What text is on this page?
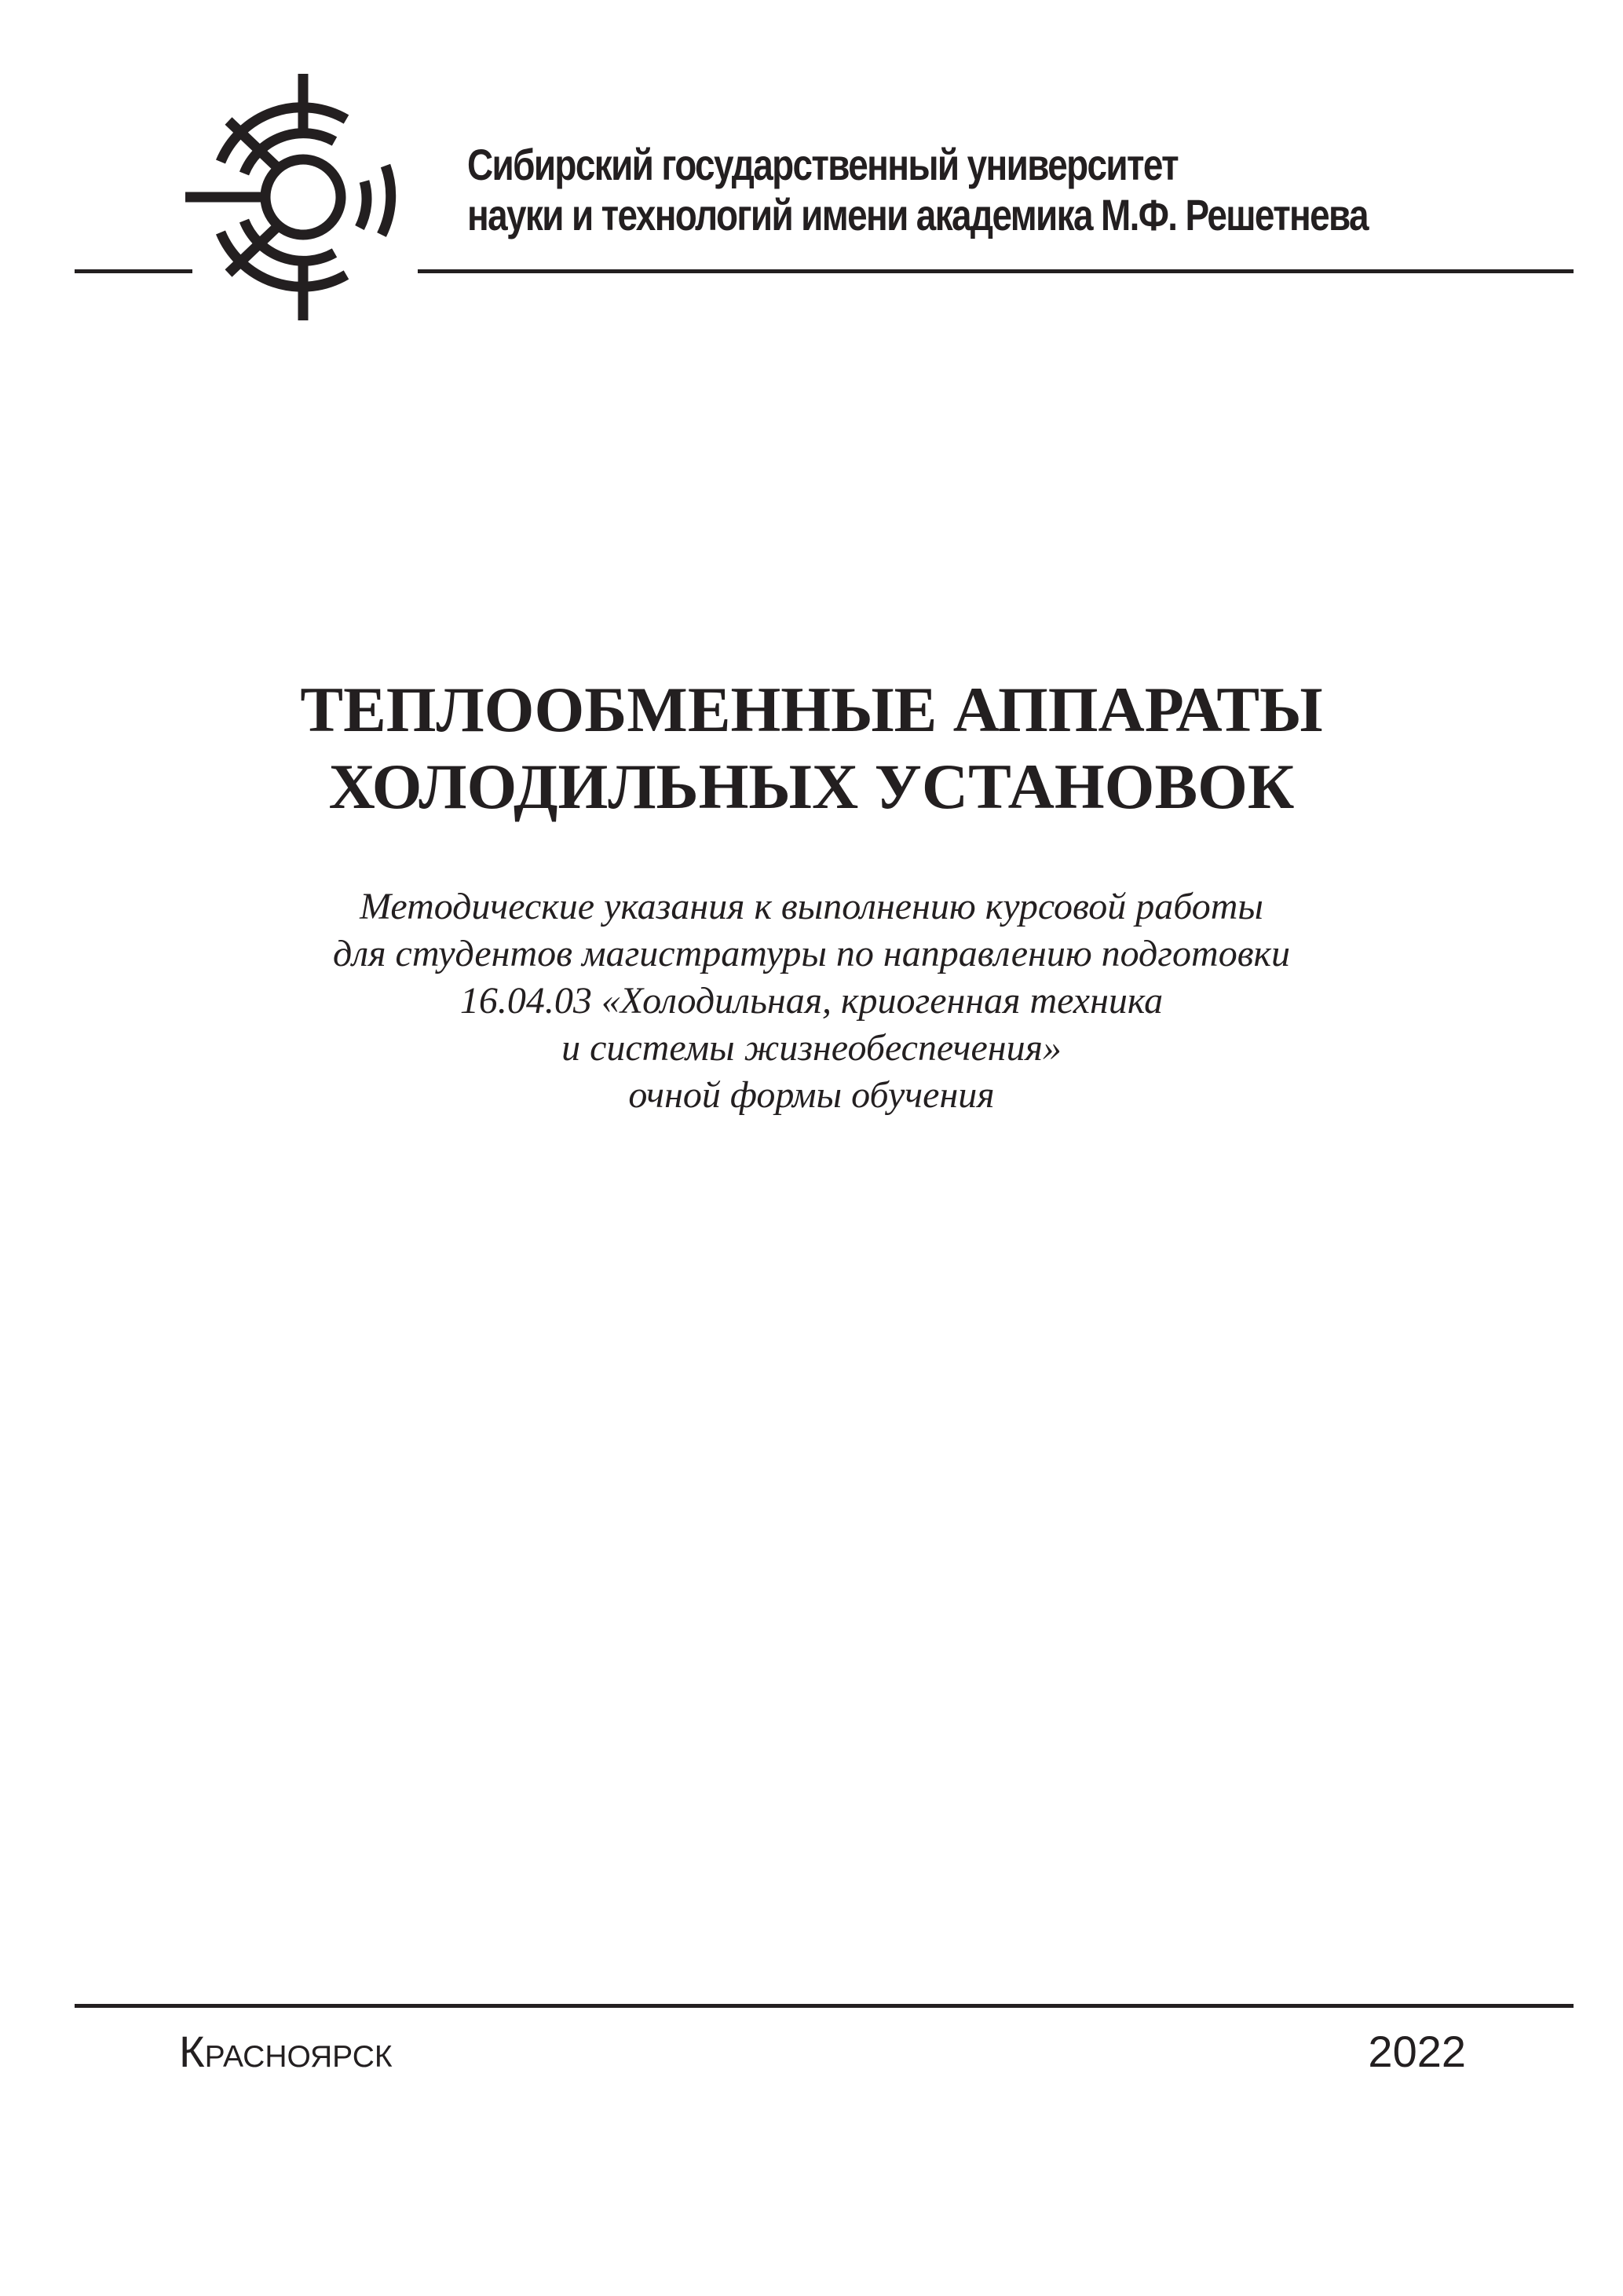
Сибирский государственный университет
науки и технологий имени академика М.Ф. Решетнева
ТЕПЛООБМЕННЫЕ АППАРАТЫ
ХОЛОДИЛЬНЫХ УСТАНОВОК
Методические указания к выполнению курсовой работы
для студентов магистратуры по направлению подготовки
16.04.03 «Холодильная, криогенная техника
и системы жизнеобеспечения»
очной формы обучения
Красноярск	2022
